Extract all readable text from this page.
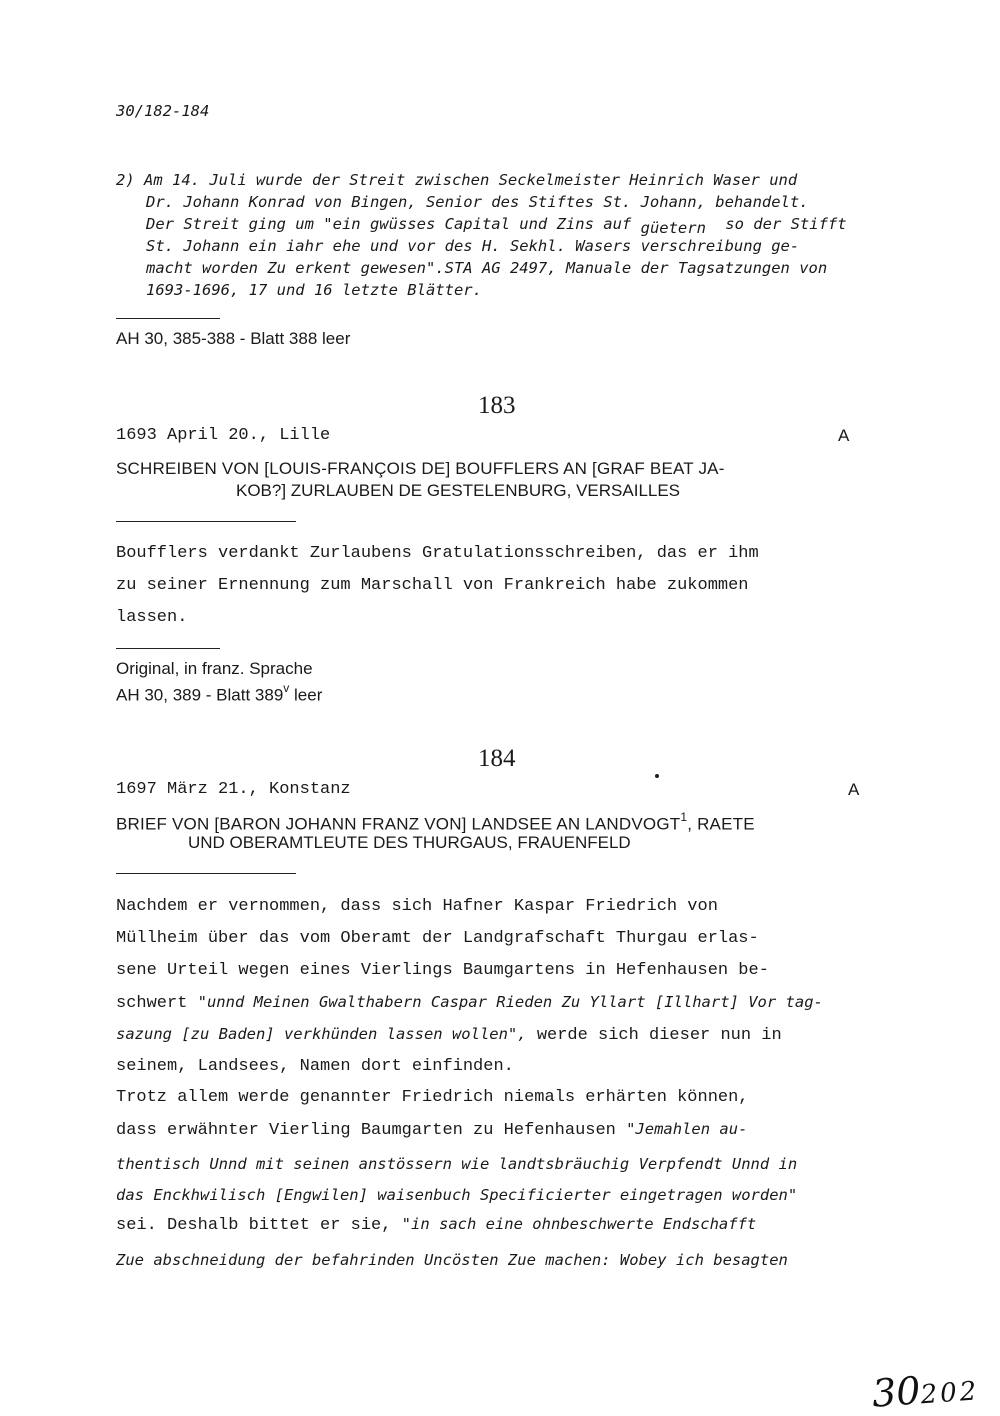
30/182-184
2) Am 14. Juli wurde der Streit zwischen Seckelmeister Heinrich Waser und
Dr. Johann Konrad von Bingen, Senior des Stiftes St. Johann, behandelt.
Der Streit ging um "ein gwüsses Capital und Zins auf güetern so der Stifft
St. Johann ein iahr ehe und vor des H. Sekhl. Wasers verschreibung ge-
macht worden Zu erkent gewesen".STA AG 2497, Manuale der Tagsatzungen von
1693-1696, 17 und 16 letzte Blätter.
AH 30, 385-388 - Blatt 388 leer
183
1693 April 20., Lille	A
SCHREIBEN VON [LOUIS-FRANÇOIS DE] BOUFFLERS AN [GRAF BEAT JA-
KOB?] ZURLAUBEN DE GESTELENBURG, VERSAILLES
Boufflers verdankt Zurlaubens Gratulationsschreiben, das er ihm
zu seiner Ernennung zum Marschall von Frankreich habe zukommen
lassen.
Original, in franz. Sprache
AH 30, 389 - Blatt 389$^v$ leer
184
1697 März 21., Konstanz	A
BRIEF VON [BARON JOHANN FRANZ VON] LANDSEE AN LANDVOGT$^1$, RAETE
UND OBERAMTLEUTE DES THURGAUS, FRAUENFELD
Nachdem er vernommen, dass sich Hafner Kaspar Friedrich von
Müllheim über das vom Oberamt der Landgrafschaft Thurgau erlas-
sene Urteil wegen eines Vierlings Baumgartens in Hefenhausen be-
schwert "unnd Meinen Gwalthabern Caspar Rieden Zu Yllart [Illhart] Vor tag-
sazung [zu Baden] verkhünden lassen wollen", werde sich dieser nun in
seinem, Landsees, Namen dort einfinden.
Trotz allem werde genannter Friedrich niemals erhärten können,
dass erwähnter Vierling Baumgarten zu Hefenhausen "Jemahlen au-
thentisch Unnd mit seinen anstössern wie landtsbräuchig Verpfendt Unnd in
das Enckhwilisch [Engwilen] waisenbuch Specificierter eingetragen worden"
sei. Deshalb bittet er sie, "in sach eine ohnbeschwerte Endschafft
Zue abschneidung der befahrinden Uncösten Zue machen: Wobey ich besagten
30202
